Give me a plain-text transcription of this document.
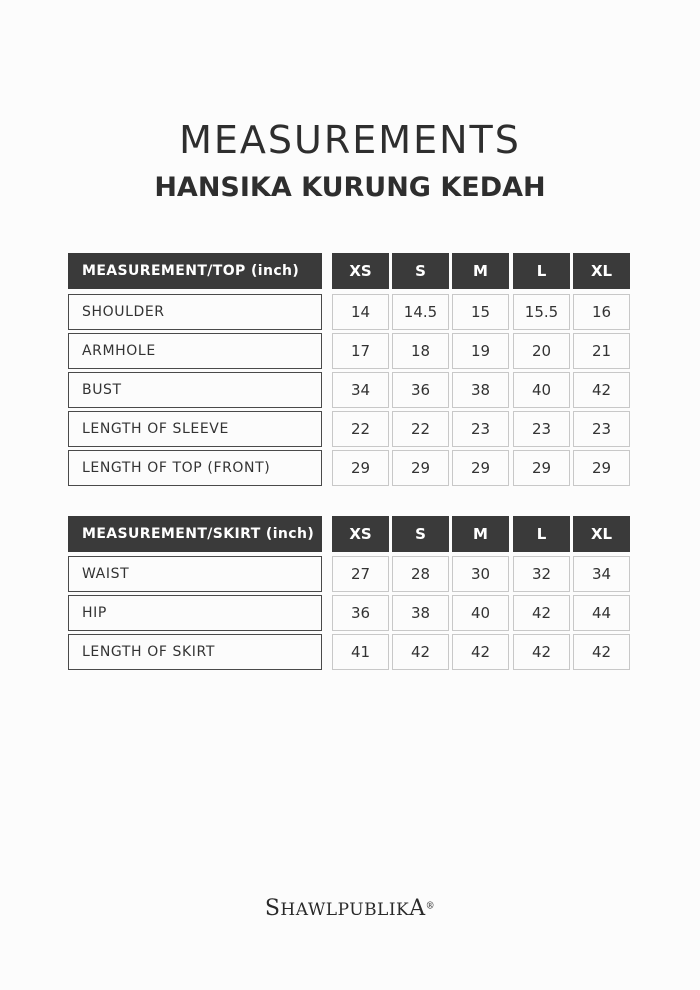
MEASUREMENTS
HANSIKA KURUNG KEDAH
MEASUREMENT/TOP (inch)	XS	S	M	L	XL
SHOULDER	14	14.5	15	15.5	16
ARMHOLE	17	18	19	20	21
BUST	34	36	38	40	42
LENGTH OF SLEEVE	22	22	23	23	23
LENGTH OF TOP (FRONT)	29	29	29	29	29
MEASUREMENT/SKIRT (inch)	XS	S	M	L	XL
WAIST	27	28	30	32	34
HIP	36	38	40	42	44
LENGTH OF SKIRT	41	42	42	42	42
SHAWLPUBLIKA®
